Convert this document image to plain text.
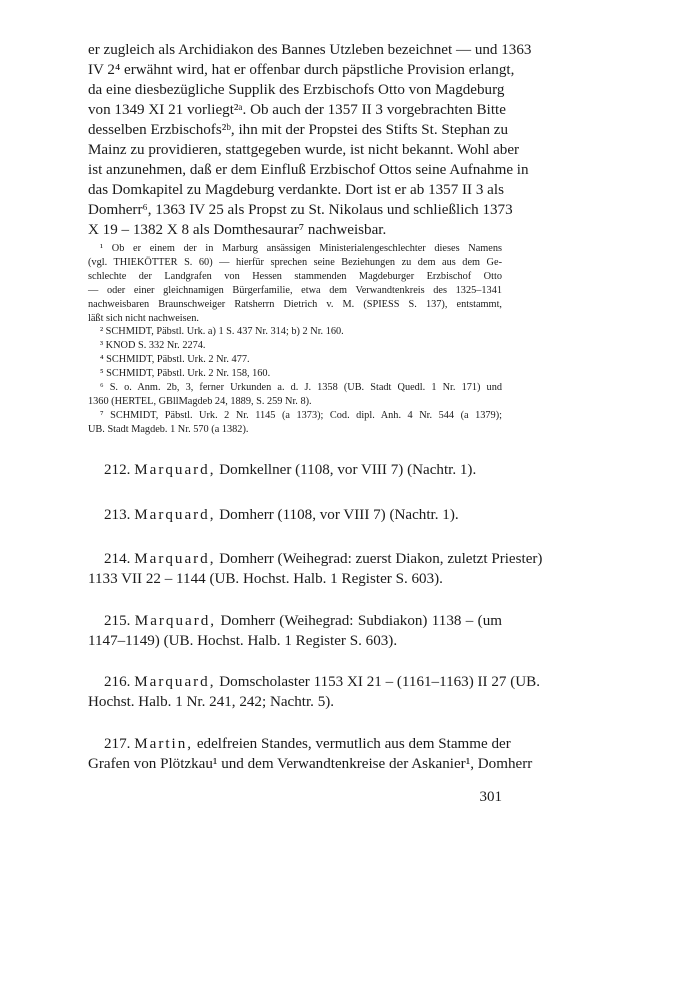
er zugleich als Archidiakon des Bannes Utzleben bezeichnet — und 1363
IV 2⁴ erwähnt wird, hat er offenbar durch päpstliche Provision erlangt,
da eine diesbezügliche Supplik des Erzbischofs Otto von Magdeburg
von 1349 XI 21 vorliegt²ᵃ. Ob auch der 1357 II 3 vorgebrachten Bitte
desselben Erzbischofs²ᵇ, ihn mit der Propstei des Stifts St. Stephan zu
Mainz zu providieren, stattgegeben wurde, ist nicht bekannt. Wohl aber
ist anzunehmen, daß er dem Einfluß Erzbischof Ottos seine Aufnahme in
das Domkapitel zu Magdeburg verdankte. Dort ist er ab 1357 II 3 als
Domherr⁶, 1363 IV 25 als Propst zu St. Nikolaus und schließlich 1373
X 19 – 1382 X 8 als Domthesaurar⁷ nachweisbar.
¹ Ob er einem der in Marburg ansässigen Ministerialengeschlechter dieses Namens
(vgl. THIEKÖTTER S. 60) — hierfür sprechen seine Beziehungen zu dem aus dem Ge-
schlechte der Landgrafen von Hessen stammenden Magdeburger Erzbischof Otto
— oder einer gleichnamigen Bürgerfamilie, etwa dem Verwandtenkreis des 1325–1341
nachweisbaren Braunschweiger Ratsherrn Dietrich v. M. (SPIESS S. 137), entstammt,
läßt sich nicht nachweisen.
² SCHMIDT, Päbstl. Urk. a) 1 S. 437 Nr. 314; b) 2 Nr. 160.
³ KNOD S. 332 Nr. 2274.
⁴ SCHMIDT, Päbstl. Urk. 2 Nr. 477.
⁵ SCHMIDT, Päbstl. Urk. 2 Nr. 158, 160.
⁶ S. o. Anm. 2b, 3, ferner Urkunden a. d. J. 1358 (UB. Stadt Quedl. 1 Nr. 171) und
1360 (HERTEL, GBllMagdeb 24, 1889, S. 259 Nr. 8).
⁷ SCHMIDT, Päbstl. Urk. 2 Nr. 1145 (a 1373); Cod. dipl. Anh. 4 Nr. 544 (a 1379);
UB. Stadt Magdeb. 1 Nr. 570 (a 1382).
212. Marquard, Domkellner (1108, vor VIII 7) (Nachtr. 1).
213. Marquard, Domherr (1108, vor VIII 7) (Nachtr. 1).
214. Marquard, Domherr (Weihegrad: zuerst Diakon, zuletzt Priester)
1133 VII 22 – 1144 (UB. Hochst. Halb. 1 Register S. 603).
215. Marquard, Domherr (Weihegrad: Subdiakon) 1138 – (um
1147–1149) (UB. Hochst. Halb. 1 Register S. 603).
216. Marquard, Domscholaster 1153 XI 21 – (1161–1163) II 27 (UB.
Hochst. Halb. 1 Nr. 241, 242; Nachtr. 5).
217. Martin, edelfreien Standes, vermutlich aus dem Stamme der
Grafen von Plötzkau¹ und dem Verwandtenkreise der Askanier¹, Domherr
301
